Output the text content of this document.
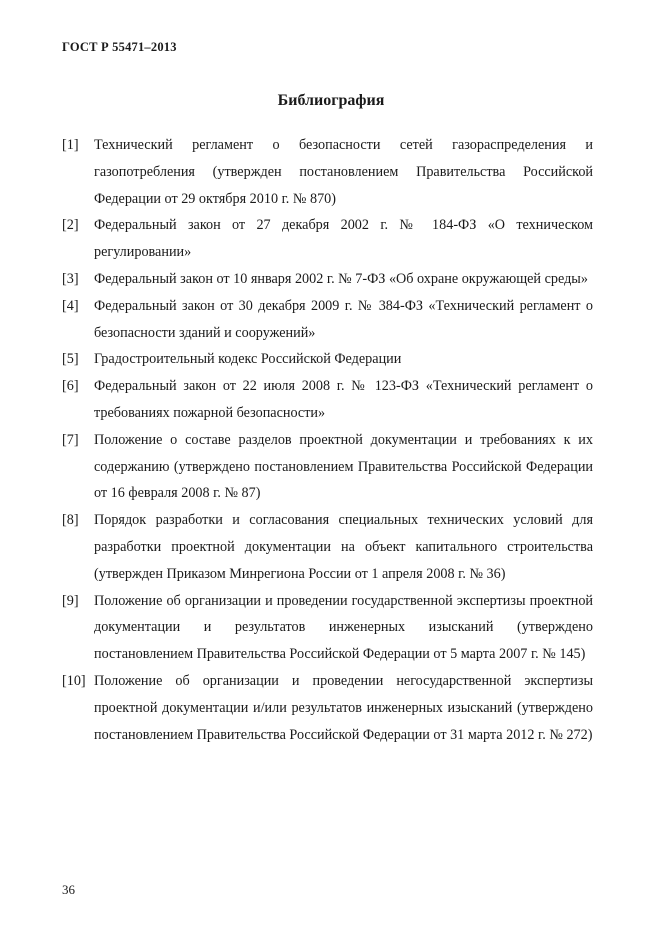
ГОСТ Р 55471–2013
Библиография
[1]	Технический регламент о безопасности сетей газораспределения и газопотребления (утвержден постановлением Правительства Российской Федерации от 29 октября 2010 г. № 870)
[2]	Федеральный закон от 27 декабря 2002 г. № 184-ФЗ «О техническом регулировании»
[3]	Федеральный закон от 10 января 2002 г. № 7-ФЗ «Об охране окружающей среды»
[4]	Федеральный закон от 30 декабря 2009 г. № 384-ФЗ «Технический регламент о безопасности зданий и сооружений»
[5]	Градостроительный кодекс Российской Федерации
[6]	Федеральный закон от 22 июля 2008 г. № 123-ФЗ «Технический регламент о требованиях пожарной безопасности»
[7]	Положение о составе разделов проектной документации и требованиях к их содержанию (утверждено постановлением Правительства Российской Федерации от 16 февраля 2008 г. № 87)
[8]	Порядок разработки и согласования специальных технических условий для разработки проектной документации на объект капитального строительства (утвержден Приказом Минрегиона России от 1 апреля 2008 г. № 36)
[9]	Положение об организации и проведении государственной экспертизы проектной документации и результатов инженерных изысканий (утверждено постановлением Правительства Российской Федерации от 5 марта 2007 г. № 145)
[10] Положение об организации и проведении негосударственной экспертизы проектной документации и/или результатов инженерных изысканий (утверждено постановлением Правительства Российской Федерации от 31 марта 2012 г. № 272)
36
